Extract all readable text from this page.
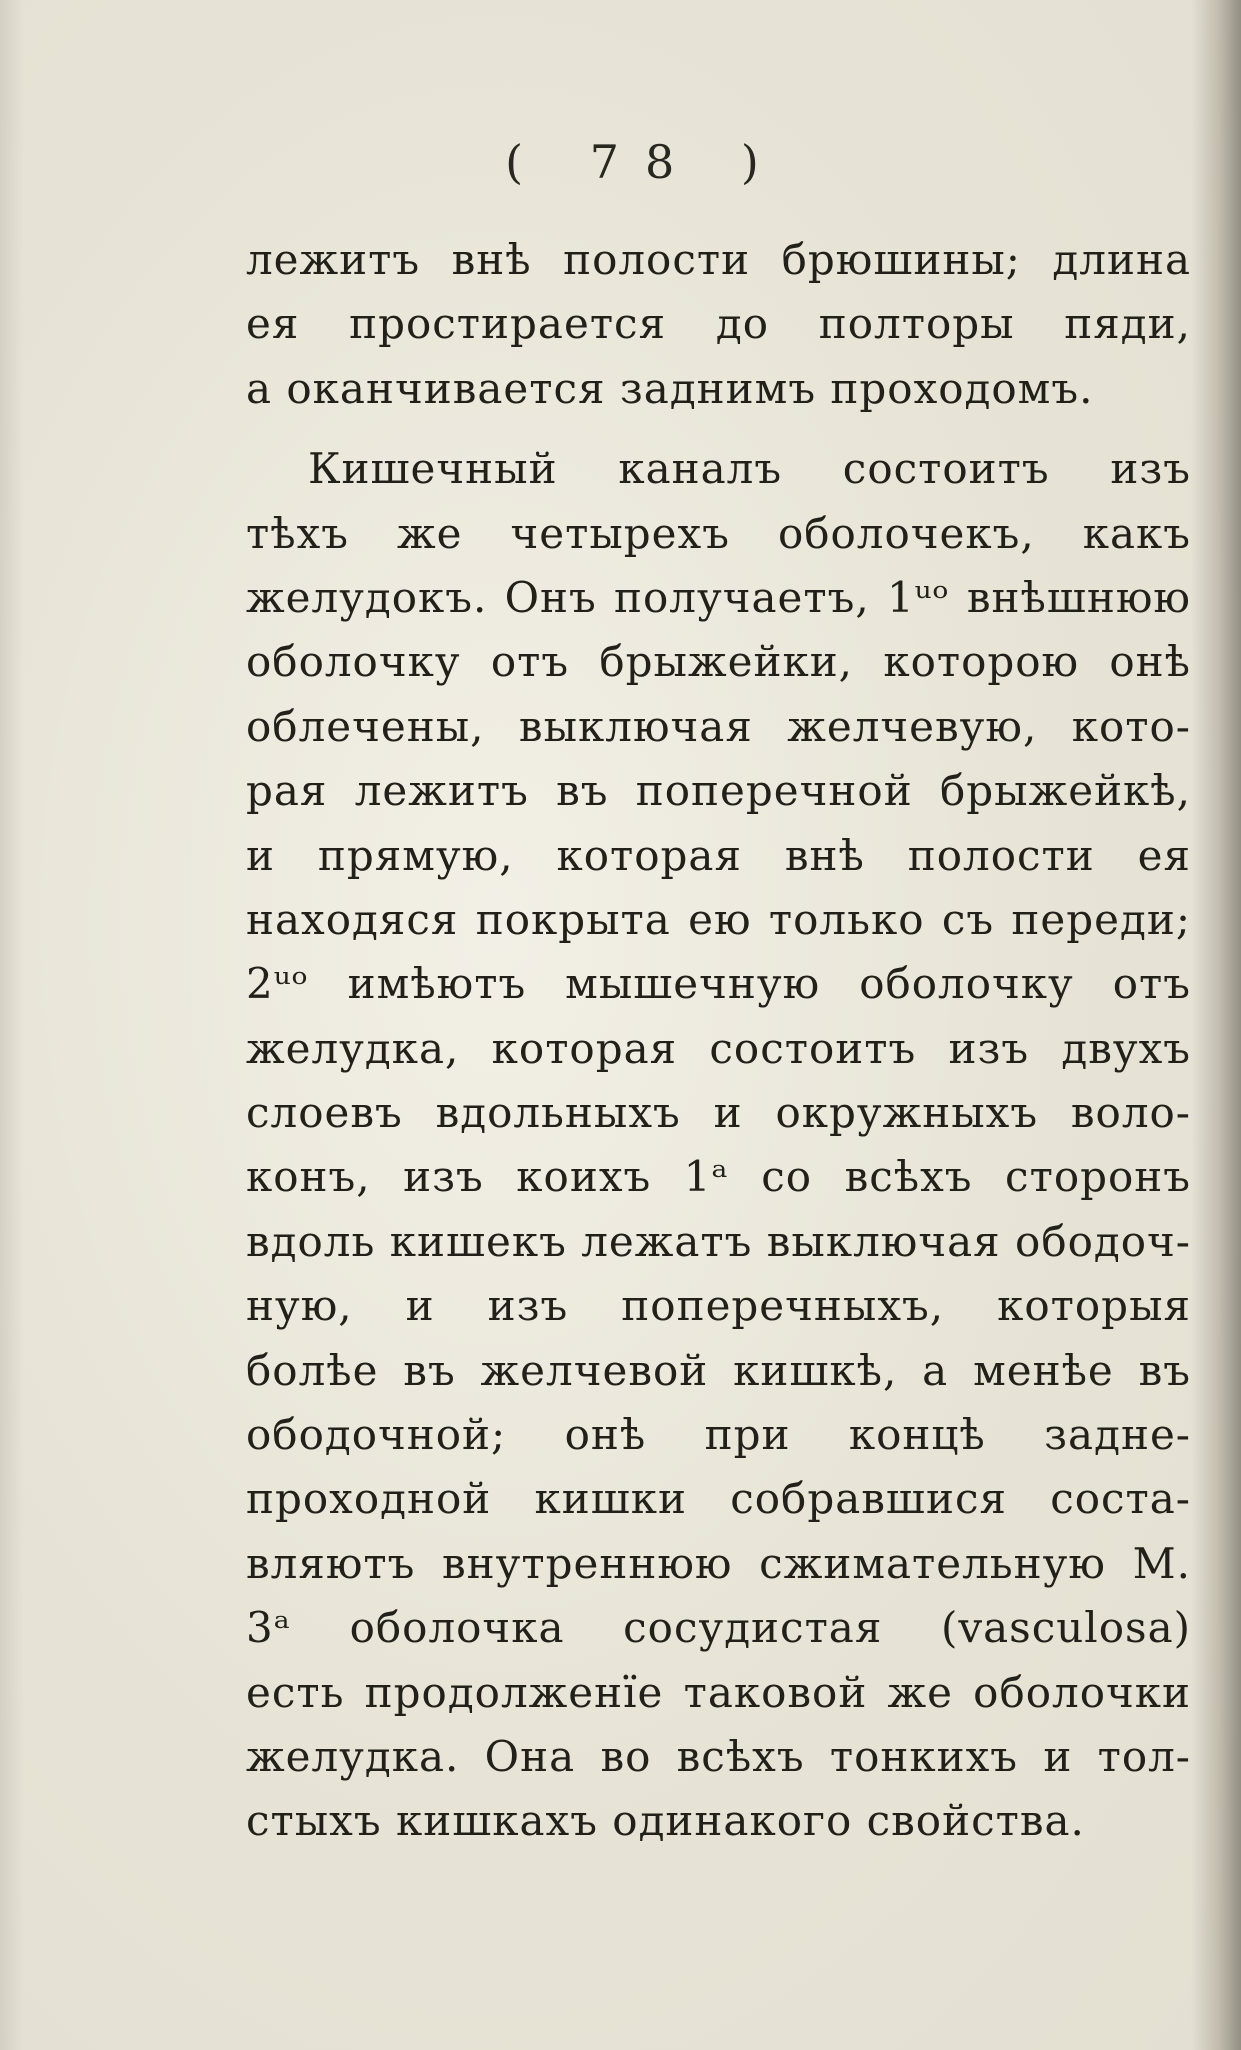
( 78 )
лежитъ внѣ полости брюшины; длина
ея простирается до полторы пяди,
а оканчивается заднимъ проходомъ.
Кишечный каналъ состоитъ изъ
тѣхъ же четырехъ оболочекъ, какъ
желудокъ. Онъ получаетъ, 1ᵘᵒ внѣшнюю
оболочку отъ брыжейки, которою онѣ
облечены, выключая желчевую, кото-
рая лежитъ въ поперечной брыжейкѣ,
и прямую, которая внѣ полости ея
находяся покрыта ею только съ переди;
2ᵘᵒ имѣютъ мышечную оболочку отъ
желудка, которая состоитъ изъ двухъ
слоевъ вдольныхъ и окружныхъ воло-
конъ, изъ коихъ 1ᵃ со всѣхъ сторонъ
вдоль кишекъ лежатъ выключая ободоч-
ную, и изъ поперечныхъ, которыя
болѣе въ желчевой кишкѣ, а менѣе въ
ободочной; онѣ при концѣ задне-
проходной кишки собравшися соста-
вляютъ внутреннюю сжимательную М.
3ᵃ оболочка сосудистая (vasculosa)
есть продолженїе таковой же оболочки
желудка. Она во всѣхъ тонкихъ и тол-
стыхъ кишкахъ одинакого свойства.
